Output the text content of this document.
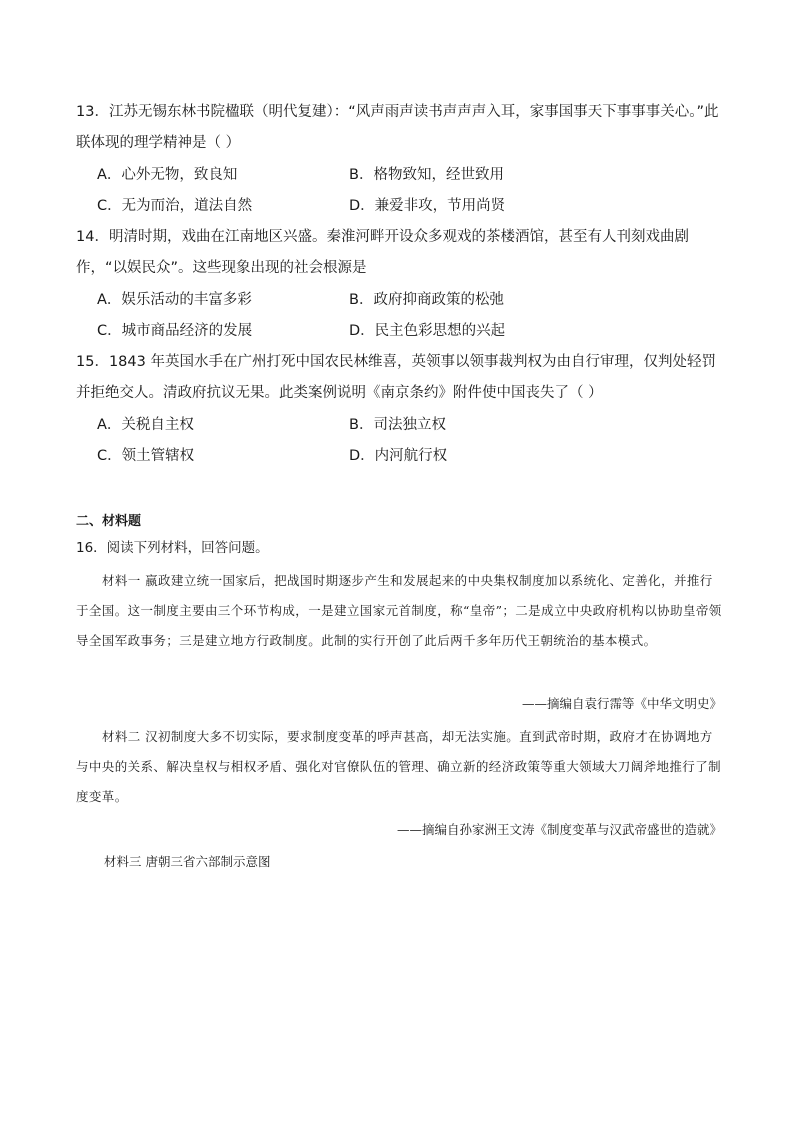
13．江苏无锡东林书院楹联（明代复建）：“风声雨声读书声声声入耳，家事国事天下事事事关心。”此联体现的理学精神是（ ）

A．心外无物，致良知	B．格物致知，经世致用
C．无为而治，道法自然	D．兼爱非攻，节用尚贤

14．明清时期，戏曲在江南地区兴盛。秦淮河畔开设众多观戏的茶楼酒馆，甚至有人刊刻戏曲剧作，“以娱民众”。这些现象出现的社会根源是

A．娱乐活动的丰富多彩	B．政府抑商政策的松弛
C．城市商品经济的发展	D．民主色彩思想的兴起

15．1843 年英国水手在广州打死中国农民林维喜，英领事以领事裁判权为由自行审理，仅判处轻罚并拒绝交人。清政府抗议无果。此类案例说明《南京条约》附件使中国丧失了（ ）

A．关税自主权	B．司法独立权
C．领土管辖权	D．内河航行权
二、材料题
16．阅读下列材料，回答问题。

材料一 嬴政建立统一国家后，把战国时期逐步产生和发展起来的中央集权制度加以系统化、定善化，并推行于全国。这一制度主要由三个环节构成，一是建立国家元首制度，称“皇帝”；二是成立中央政府机构以协助皇帝领导全国军政事务；三是建立地方行政制度。此制的实行开创了此后两千多年历代王朝统治的基本模式。

——摘编自袁行霈等《中华文明史》

材料二 汉初制度大多不切实际，要求制度变革的呼声甚高，却无法实施。直到武帝时期，政府才在协调地方与中央的关系、解决皇权与相权矛盾、强化对官僚队伍的管理、确立新的经济政策等重大领域大刀阔斧地推行了制度变革。

——摘编自孙家洲王文涛《制度变革与汉武帝盛世的造就》
材料三 唐朝三省六部制示意图
